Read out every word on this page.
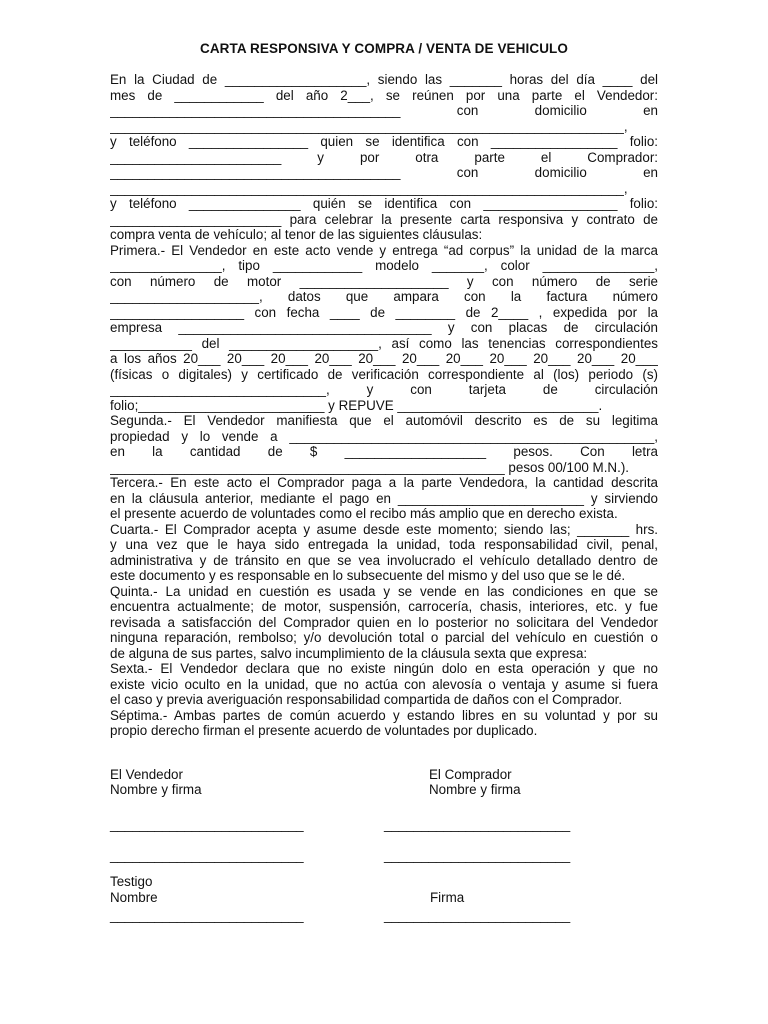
CARTA RESPONSIVA Y COMPRA / VENTA DE VEHICULO
En la Ciudad de ___________________, siendo las _______ horas del día ____ del
mes de ____________ del año 2___, se reúnen por una parte el Vendedor:
_______________________________________ con domicilio en
_____________________________________________________________________,
y teléfono ________________ quien se identifica con _________________ folio:
_______________________ y por otra parte el Comprador:
_______________________________________ con domicilio en
_____________________________________________________________________,
y teléfono _______________ quién se identifica con __________________ folio:
_______________________ para celebrar la presente carta responsiva y contrato de
compra venta de vehículo; al tenor de las siguientes cláusulas:
Primera.- El Vendedor en este acto vende y entrega “ad corpus” la unidad de la marca
_______________, tipo ____________ modelo _______, color _______________,
con número de motor ____________________ y con número de serie
____________________, datos que ampara con la factura número
__________________ con fecha ____ de ________ de 2____ , expedida por la
empresa __________________________________ y con placas de circulación
___________ del ____________________, así como las tenencias correspondientes
a los años 20___ 20___ 20___ 20___ 20___ 20___ 20___ 20___ 20___ 20___ 20___
(físicas o digitales) y certificado de verificación correspondiente al (los) periodo (s)
_____________________________, y con tarjeta de circulación
folio;_________________________ y REPUVE ___________________________.
Segunda.- El Vendedor manifiesta que el automóvil descrito es de su legitima
propiedad y lo vende a _________________________________________________,
en la cantidad de $ ___________________ pesos. Con letra
_____________________________________________________ pesos 00/100 M.N.).
Tercera.- En este acto el Comprador paga a la parte Vendedora, la cantidad descrita
en la cláusula anterior, mediante el pago en _________________________ y sirviendo
el presente acuerdo de voluntades como el recibo más amplio que en derecho exista.
Cuarta.- El Comprador acepta y asume desde este momento; siendo las; _______ hrs.
y una vez que le haya sido entregada la unidad, toda responsabilidad civil, penal,
administrativa y de tránsito en que se vea involucrado el vehículo detallado dentro de
este documento y es responsable en lo subsecuente del mismo y del uso que se le dé.
Quinta.- La unidad en cuestión es usada y se vende en las condiciones en que se
encuentra actualmente; de motor, suspensión, carrocería, chasis, interiores, etc. y fue
revisada a satisfacción del Comprador quien en lo posterior no solicitara del Vendedor
ninguna reparación, rembolso; y/o devolución total o parcial del vehículo en cuestión o
de alguna de sus partes, salvo incumplimiento de la cláusula sexta que expresa:
Sexta.- El Vendedor declara que no existe ningún dolo en esta operación y que no
existe vicio oculto en la unidad, que no actúa con alevosía o ventaja y asume si fuera
el caso y previa averiguación responsabilidad compartida de daños con el Comprador.
Séptima.- Ambas partes de común acuerdo y estando libres en su voluntad y por su
propio derecho firman el presente acuerdo de voluntades por duplicado.
El Vendedor
Nombre y firma
El Comprador
Nombre y firma
__________________________	_________________________
__________________________	_________________________
Testigo
Nombre	Firma
__________________________	_________________________
